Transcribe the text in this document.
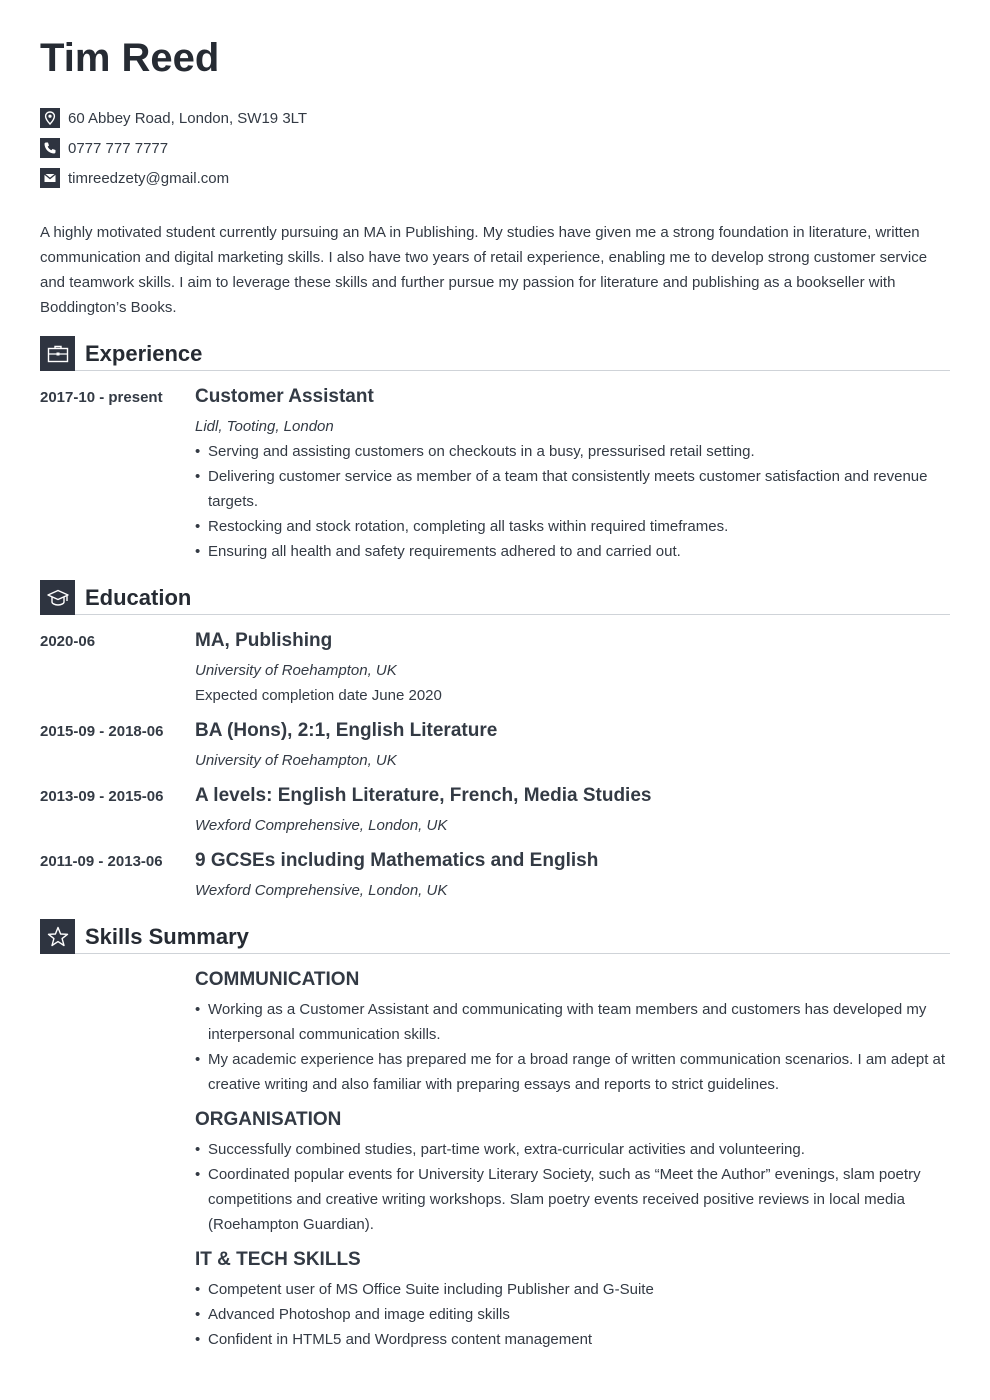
Tim Reed
60 Abbey Road, London, SW19 3LT
0777 777 7777
timreedzety@gmail.com

A highly motivated student currently pursuing an MA in Publishing. My studies have given me a strong foundation in literature, written communication and digital marketing skills. I also have two years of retail experience, enabling me to develop strong customer service and teamwork skills. I aim to leverage these skills and further pursue my passion for literature and publishing as a bookseller with Boddington’s Books.

Experience
2017-10 - present	Customer Assistant
Lidl, Tooting, London
• Serving and assisting customers on checkouts in a busy, pressurised retail setting.
• Delivering customer service as member of a team that consistently meets customer satisfaction and revenue targets.
• Restocking and stock rotation, completing all tasks within required timeframes.
• Ensuring all health and safety requirements adhered to and carried out.
Education
2020-06	MA, Publishing
University of Roehampton, UK
Expected completion date June 2020
2015-09 - 2018-06	BA (Hons), 2:1, English Literature
University of Roehampton, UK
2013-09 - 2015-06	A levels: English Literature, French, Media Studies
Wexford Comprehensive, London, UK
2011-09 - 2013-06	9 GCSEs including Mathematics and English
Wexford Comprehensive, London, UK
Skills Summary
COMMUNICATION
• Working as a Customer Assistant and communicating with team members and customers has developed my interpersonal communication skills.
• My academic experience has prepared me for a broad range of written communication scenarios. I am adept at creative writing and also familiar with preparing essays and reports to strict guidelines.
ORGANISATION
• Successfully combined studies, part-time work, extra-curricular activities and volunteering.
• Coordinated popular events for University Literary Society, such as “Meet the Author” evenings, slam poetry competitions and creative writing workshops. Slam poetry events received positive reviews in local media (Roehampton Guardian).
IT & TECH SKILLS
• Competent user of MS Office Suite including Publisher and G-Suite
• Advanced Photoshop and image editing skills
• Confident in HTML5 and Wordpress content management
